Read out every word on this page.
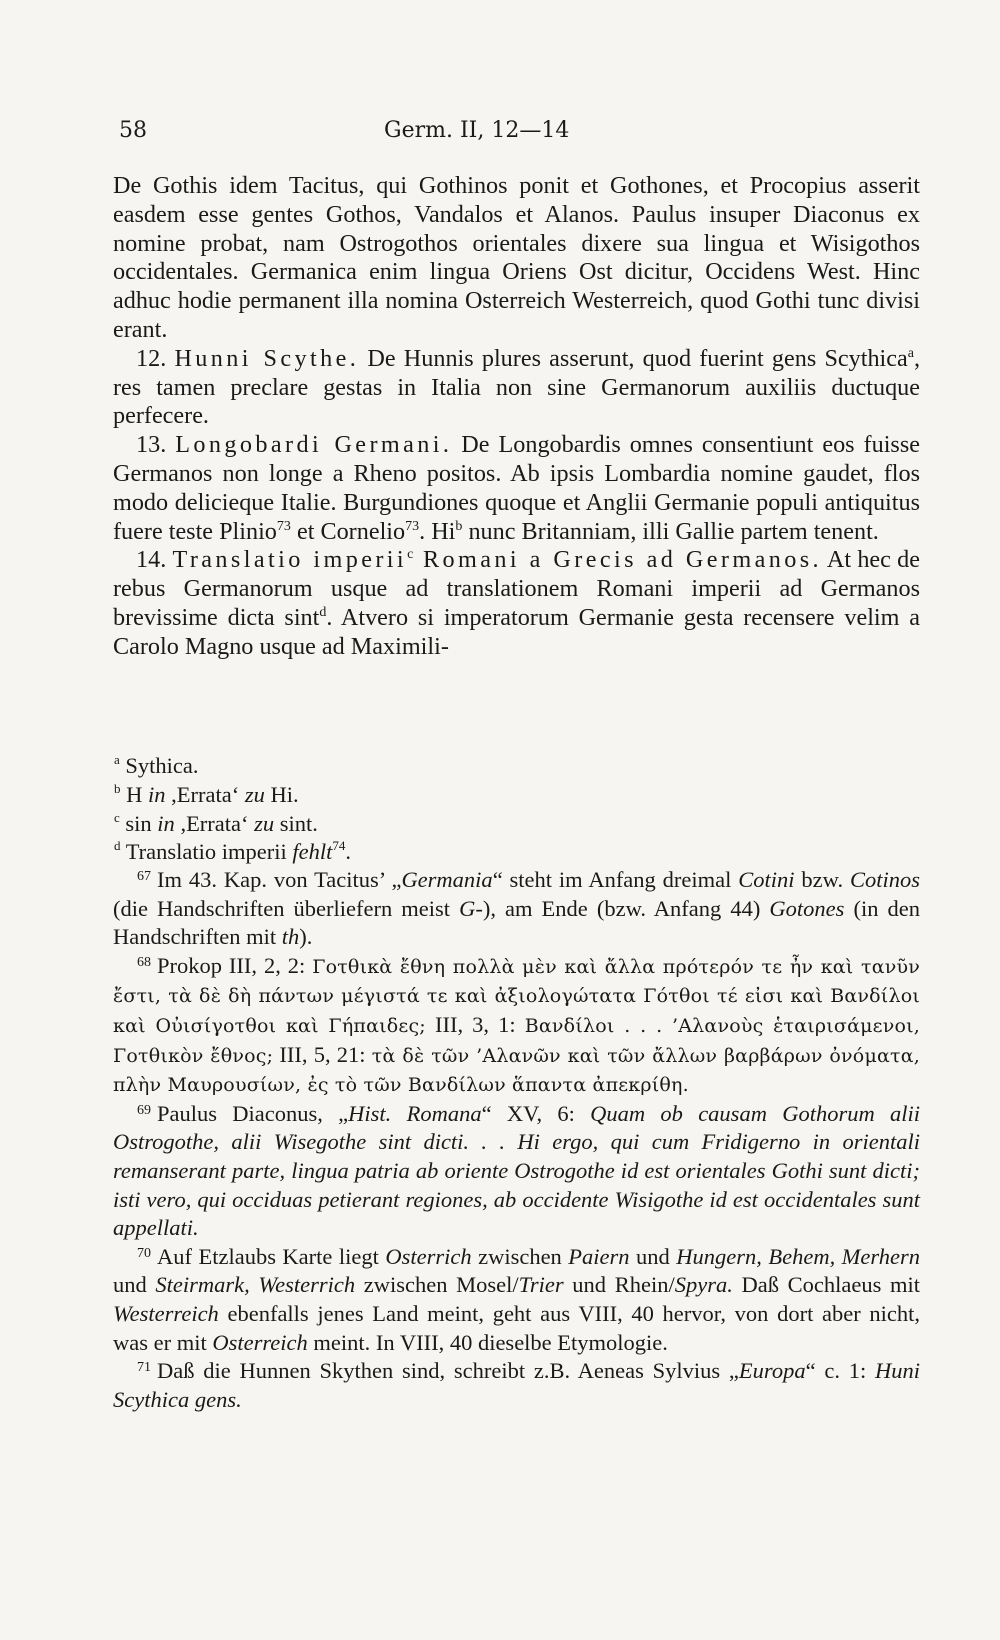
58	Germ. II, 12—14

De Gothis idem Tacitus, qui Gothinos ponit et Gothones, et Procopius asserit easdem esse gentes Gothos, Vandalos et Alanos. Paulus insuper Diaconus ex nomine probat, nam Ostrogothos orientales dixere sua lingua et Wisigothos occidentales. Germanica enim lingua Oriens Ost dicitur, Occidens West. Hinc adhuc hodie permanent illa nomina Osterreich Westerreich, quod Gothi tunc divisi erant.

12. Hunni Scythe. De Hunnis plures asserunt, quod fuerint gens Scythica$^a$, res tamen preclare gestas in Italia non sine Germanorum auxiliis ductuque perfecere.

13. Longobardi Germani. De Longobardis omnes consentiunt eos fuisse Germanos non longe a Rheno positos. Ab ipsis Lombardia nomine gaudet, flos modo delicieque Italie. Burgundiones quoque et Anglii Germanie populi antiquitus fuere teste Plinio$^{73}$ et Cornelio$^{73}$. Hi$^b$ nunc Britanniam, illi Gallie partem tenent.

14. Translatio imperii$^c$ Romani a Grecis ad Germanos. At hec de rebus Germanorum usque ad translationem Romani imperii ad Germanos brevissime dicta sint$^d$. Atvero si imperatorum Germanie gesta recensere velim a Carolo Magno usque ad Maximili-

$^a$ Sythica.
$^b$ H in ,Errata‘ zu Hi.
$^c$ sin in ,Errata‘ zu sint.
$^d$ Translatio imperii fehlt$^{74}$.

$^{67}$ Im 43. Kap. von Tacitus’ „Germania“ steht im Anfang dreimal Cotini bzw. Cotinos (die Handschriften überliefern meist G-), am Ende (bzw. Anfang 44) Gotones (in den Handschriften mit th).

$^{68}$ Prokop III, 2, 2: Γοτθικὰ ἔθνη πολλὰ μὲν καὶ ἄλλα πρότερόν τε ἦν καὶ τανῦν ἔστι, τὰ δὲ δὴ πάντων μέγιστά τε καὶ ἀξιολογώτατα Γότθοι τέ εἰσι καὶ Βανδίλοι καὶ Οὐισίγοτθοι καὶ Γήπαιδες; III, 3, 1: Βανδίλοι . . . ’Αλανοὺς ἑταιρισάμενοι, Γοτθικὸν ἔθνος; III, 5, 21: τὰ δὲ τῶν ’Αλανῶν καὶ τῶν ἄλλων βαρβάρων ὀνόματα, πλὴν Μαυρουσίων, ἐς τὸ τῶν Βανδίλων ἅπαντα ἀπεκρίθη.

$^{69}$ Paulus Diaconus, „Hist. Romana“ XV, 6: Quam ob causam Gothorum alii Ostrogothe, alii Wisegothe sint dicti. . . Hi ergo, qui cum Fridigerno in orientali remanserant parte, lingua patria ab oriente Ostrogothe id est orientales Gothi sunt dicti; isti vero, qui occiduas petierant regiones, ab occidente Wisigothe id est occidentales sunt appellati.

$^{70}$ Auf Etzlaubs Karte liegt Osterrich zwischen Paiern und Hungern, Behem, Merhern und Steirmark, Westerrich zwischen Mosel/Trier und Rhein/Spyra. Daß Cochlaeus mit Westerreich ebenfalls jenes Land meint, geht aus VIII, 40 hervor, von dort aber nicht, was er mit Osterreich meint. In VIII, 40 dieselbe Etymologie.

$^{71}$ Daß die Hunnen Skythen sind, schreibt z.B. Aeneas Sylvius „Europa“ c. 1: Huni Scythica gens.
